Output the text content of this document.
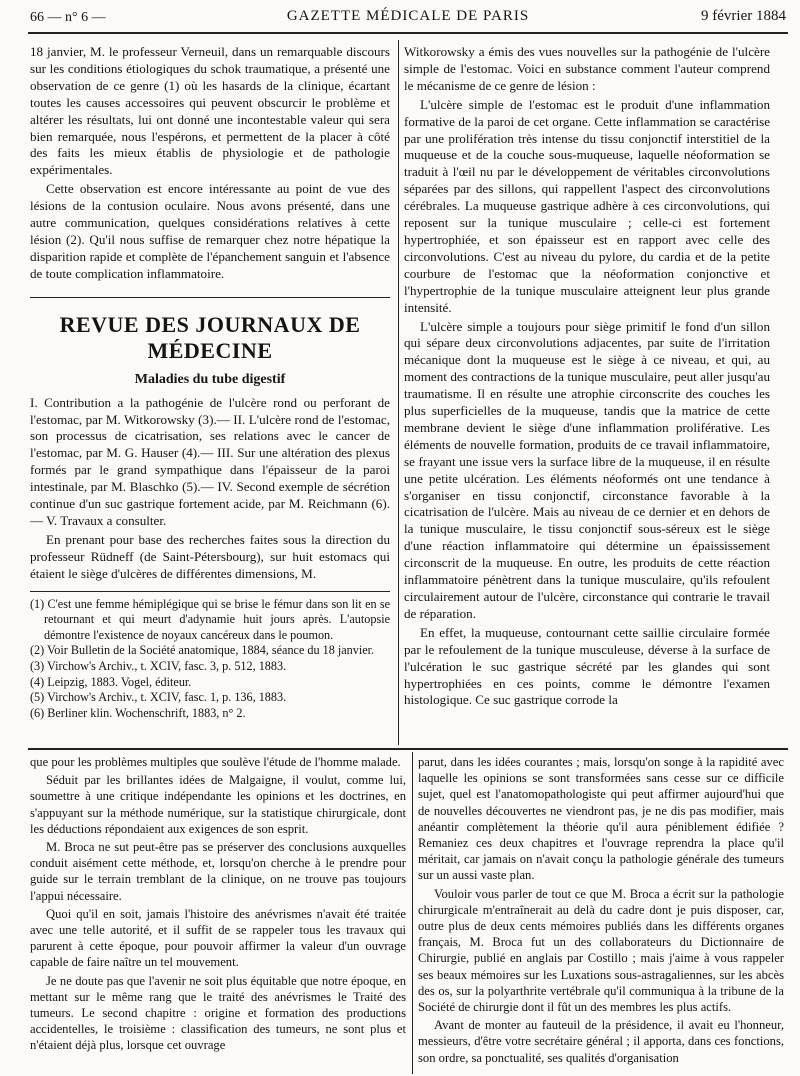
66 — n° 6 —	GAZETTE MÉDICALE DE PARIS	9 février 1884

18 janvier, M. le professeur Verneuil, dans un remarquable discours sur les conditions étiologiques du schok traumatique, a présenté une observation de ce genre (1) où les hasards de la clinique, écartant toutes les causes accessoires qui peuvent obscurcir le problème et altérer les résultats, lui ont donné une incontestable valeur qui sera bien remarquée, nous l'espérons, et permettent de la placer à côté des faits les mieux établis de physiologie et de pathologie expérimentales.

Cette observation est encore intéressante au point de vue des lésions de la contusion oculaire. Nous avons présenté, dans une autre communication, quelques considérations relatives à cette lésion (2). Qu'il nous suffise de remarquer chez notre hépatique la disparition rapide et complète de l'épanchement sanguin et l'absence de toute complication inflammatoire.

REVUE DES JOURNAUX DE MÉDECINE
Maladies du tube digestif

I. Contribution a la pathogénie de l'ulcère rond ou perforant de l'estomac, par M. Witkorowsky (3).— II. L'ulcère rond de l'estomac, son processus de cicatrisation, ses relations avec le cancer de l'estomac, par M. G. Hauser (4).— III. Sur une altération des plexus formés par le grand sympathique dans l'épaisseur de la paroi intestinale, par M. Blaschko (5).— IV. Second exemple de sécrétion continue d'un suc gastrique fortement acide, par M. Reichmann (6).— V. Travaux a consulter.

En prenant pour base des recherches faites sous la direction du professeur Rüdneff (de Saint-Pétersbourg), sur huit estomacs qui étaient le siège d'ulcères de différentes dimensions, M.

(1) C'est une femme hémiplégique qui se brise le fémur dans son lit en se retournant et qui meurt d'adynamie huit jours après. L'autopsie démontre l'existence de noyaux cancéreux dans le poumon.

(2) Voir Bulletin de la Société anatomique, 1884, séance du 18 janvier.

(3) Virchow's Archiv., t. XCIV, fasc. 3, p. 512, 1883.

(4) Leipzig, 1883. Vogel, éditeur.

(5) Virchow's Archiv., t. XCIV, fasc. 1, p. 136, 1883.

(6) Berliner klin. Wochenschrift, 1883, n° 2.

Witkorowsky a émis des vues nouvelles sur la pathogénie de l'ulcère simple de l'estomac. Voici en substance comment l'auteur comprend le mécanisme de ce genre de lésion :

L'ulcère simple de l'estomac est le produit d'une inflammation formative de la paroi de cet organe. Cette inflammation se caractérise par une prolifération très intense du tissu conjonctif interstitiel de la muqueuse et de la couche sous-muqueuse, laquelle néoformation se traduit à l'œil nu par le développement de véritables circonvolutions séparées par des sillons, qui rappellent l'aspect des circonvolutions cérébrales. La muqueuse gastrique adhère à ces circonvolutions, qui reposent sur la tunique musculaire ; celle-ci est fortement hypertrophiée, et son épaisseur est en rapport avec celle des circonvolutions. C'est au niveau du pylore, du cardia et de la petite courbure de l'estomac que la néoformation conjonctive et l'hypertrophie de la tunique musculaire atteignent leur plus grande intensité.

L'ulcère simple a toujours pour siège primitif le fond d'un sillon qui sépare deux circonvolutions adjacentes, par suite de l'irritation mécanique dont la muqueuse est le siège à ce niveau, et qui, au moment des contractions de la tunique musculaire, peut aller jusqu'au traumatisme. Il en résulte une atrophie circonscrite des couches les plus superficielles de la muqueuse, tandis que la matrice de cette membrane devient le siège d'une inflammation proliférative. Les éléments de nouvelle formation, produits de ce travail inflammatoire, se frayant une issue vers la surface libre de la muqueuse, il en résulte une petite ulcération. Les éléments néoformés ont une tendance à s'organiser en tissu conjonctif, circonstance favorable à la cicatrisation de l'ulcère. Mais au niveau de ce dernier et en dehors de la tunique musculaire, le tissu conjonctif sous-séreux est le siège d'une réaction inflammatoire qui détermine un épaississement circonscrit de la muqueuse. En outre, les produits de cette réaction inflammatoire pénètrent dans la tunique musculaire, qu'ils refoulent circulairement autour de l'ulcère, circonstance qui contrarie le travail de réparation.

En effet, la muqueuse, contournant cette saillie circulaire formée par le refoulement de la tunique musculeuse, déverse à la surface de l'ulcération le suc gastrique sécrété par les glandes qui sont hypertrophiées en ces points, comme le démontre l'examen histologique. Ce suc gastrique corrode la

que pour les problèmes multiples que soulève l'étude de l'homme malade.

Séduit par les brillantes idées de Malgaigne, il voulut, comme lui, soumettre à une critique indépendante les opinions et les doctrines, en s'appuyant sur la méthode numérique, sur la statistique chirurgicale, dont les déductions répondaient aux exigences de son esprit.

M. Broca ne sut peut-être pas se préserver des conclusions auxquelles conduit aisément cette méthode, et, lorsqu'on cherche à le prendre pour guide sur le terrain tremblant de la clinique, on ne trouve pas toujours l'appui nécessaire.

Quoi qu'il en soit, jamais l'histoire des anévrismes n'avait été traitée avec une telle autorité, et il suffit de se rappeler tous les travaux qui parurent à cette époque, pour pouvoir affirmer la valeur d'un ouvrage capable de faire naître un tel mouvement.

Je ne doute pas que l'avenir ne soit plus équitable que notre époque, en mettant sur le même rang que le traité des anévrismes le Traité des tumeurs. Le second chapitre : origine et formation des productions accidentelles, le troisième : classification des tumeurs, ne sont plus et n'étaient déjà plus, lorsque cet ouvrage

parut, dans les idées courantes ; mais, lorsqu'on songe à la rapidité avec laquelle les opinions se sont transformées sans cesse sur ce difficile sujet, quel est l'anatomopathologiste qui peut affirmer aujourd'hui que de nouvelles découvertes ne viendront pas, je ne dis pas modifier, mais anéantir complètement la théorie qu'il aura péniblement édifiée ? Remaniez ces deux chapitres et l'ouvrage reprendra la place qu'il méritait, car jamais on n'avait conçu la pathologie générale des tumeurs sur un aussi vaste plan.

Vouloir vous parler de tout ce que M. Broca a écrit sur la pathologie chirurgicale m'entraînerait au delà du cadre dont je puis disposer, car, outre plus de deux cents mémoires publiés dans les différents organes français, M. Broca fut un des collaborateurs du Dictionnaire de Chirurgie, publié en anglais par Costillo ; mais j'aime à vous rappeler ses beaux mémoires sur les Luxations sous-astragaliennes, sur les abcès des os, sur la polyarthrite vertébrale qu'il communiqua à la tribune de la Société de chirurgie dont il fût un des membres les plus actifs.

Avant de monter au fauteuil de la présidence, il avait eu l'honneur, messieurs, d'être votre secrétaire général ; il apporta, dans ces fonctions, son ordre, sa ponctualité, ses qualités d'organisation
